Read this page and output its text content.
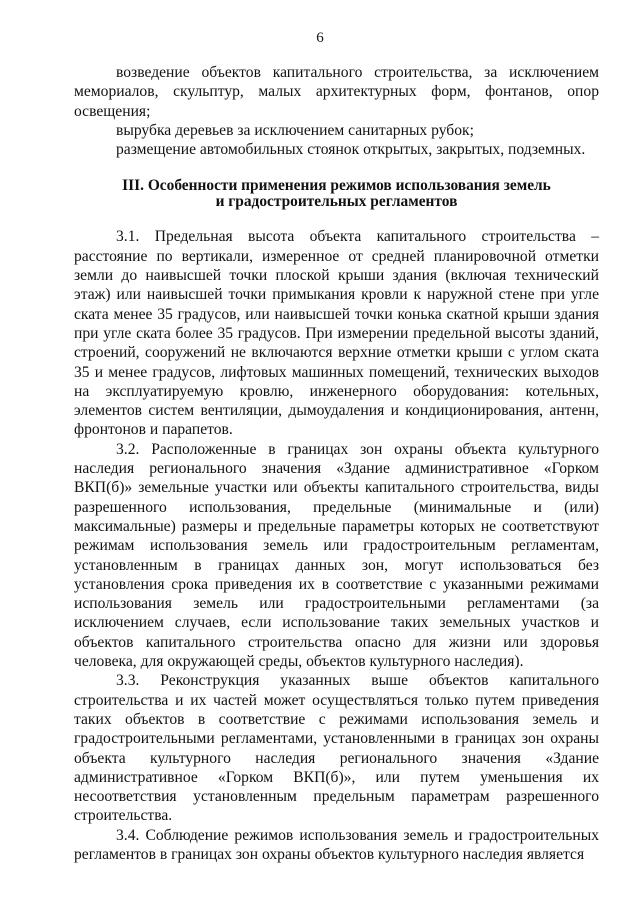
6

возведение объектов капитального строительства, за исключением мемориалов, скульптур, малых архитектурных форм, фонтанов, опор освещения;

вырубка деревьев за исключением санитарных рубок;

размещение автомобильных стоянок открытых, закрытых, подземных.

III. Особенности применения режимов использования земель
и градостроительных регламентов

3.1. Предельная высота объекта капитального строительства – расстояние по вертикали, измеренное от средней планировочной отметки земли до наивысшей точки плоской крыши здания (включая технический этаж) или наивысшей точки примыкания кровли к наружной стене при угле ската менее 35 градусов, или наивысшей точки конька скатной крыши здания при угле ската более 35 градусов. При измерении предельной высоты зданий, строений, сооружений не включаются верхние отметки крыши с углом ската 35 и менее градусов, лифтовых машинных помещений, технических выходов на эксплуатируемую кровлю, инженерного оборудования: котельных, элементов систем вентиляции, дымоудаления и кондиционирования, антенн, фронтонов и парапетов.

3.2. Расположенные в границах зон охраны объекта культурного наследия регионального значения «Здание административное «Горком ВКП(б)» земельные участки или объекты капитального строительства, виды разрешенного использования, предельные (минимальные и (или) максимальные) размеры и предельные параметры которых не соответствуют режимам использования земель или градостроительным регламентам, установленным в границах данных зон, могут использоваться без установления срока приведения их в соответствие с указанными режимами использования земель или градостроительными регламентами (за исключением случаев, если использование таких земельных участков и объектов капитального строительства опасно для жизни или здоровья человека, для окружающей среды, объектов культурного наследия).

3.3. Реконструкция указанных выше объектов капитального строительства и их частей может осуществляться только путем приведения таких объектов в соответствие с режимами использования земель и градостроительными регламентами, установленными в границах зон охраны объекта культурного наследия регионального значения «Здание административное «Горком ВКП(б)», или путем уменьшения их несоответствия установленным предельным параметрам разрешенного строительства.

3.4. Соблюдение режимов использования земель и градостроительных регламентов в границах зон охраны объектов культурного наследия является
